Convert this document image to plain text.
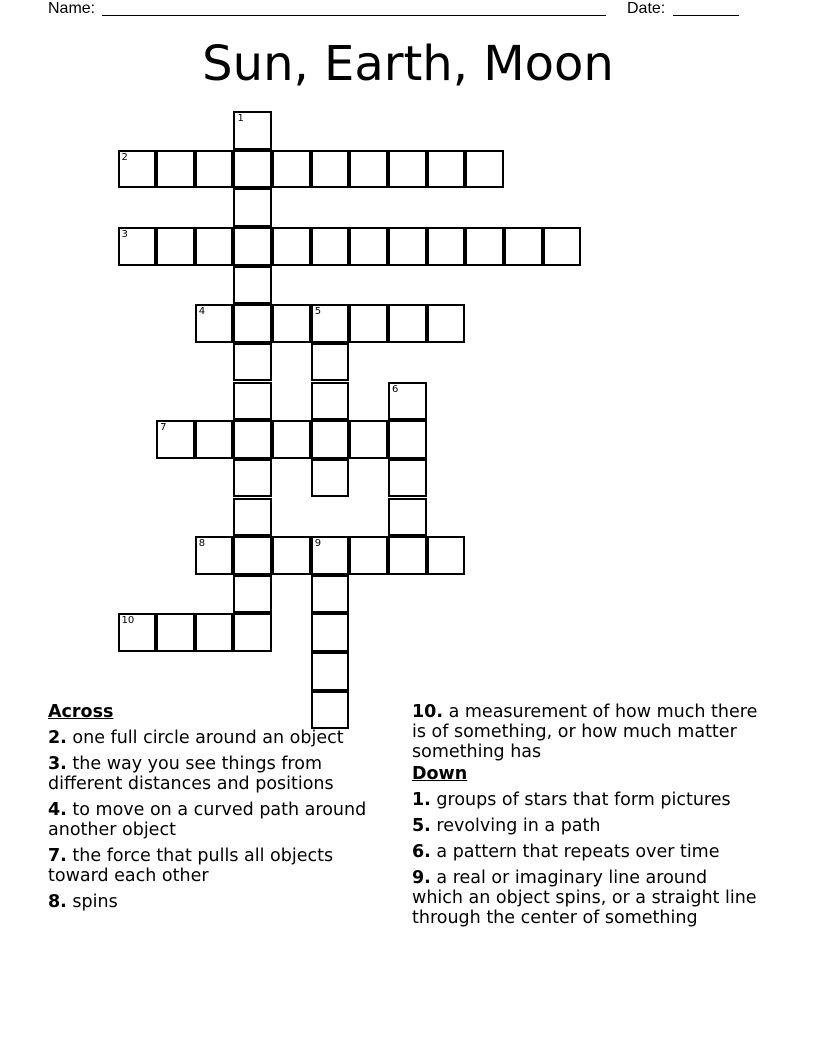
Name:	Date:
Sun, Earth, Moon
1
2
3
4	5
6
7
8	9
10
Across
2. one full circle around an object
3. the way you see things from different distances and positions
4. to move on a curved path around another object
7. the force that pulls all objects toward each other
8. spins
10. a measurement of how much there is of something, or how much matter something has
Down
1. groups of stars that form pictures
5. revolving in a path
6. a pattern that repeats over time
9. a real or imaginary line around which an object spins, or a straight line through the center of something
